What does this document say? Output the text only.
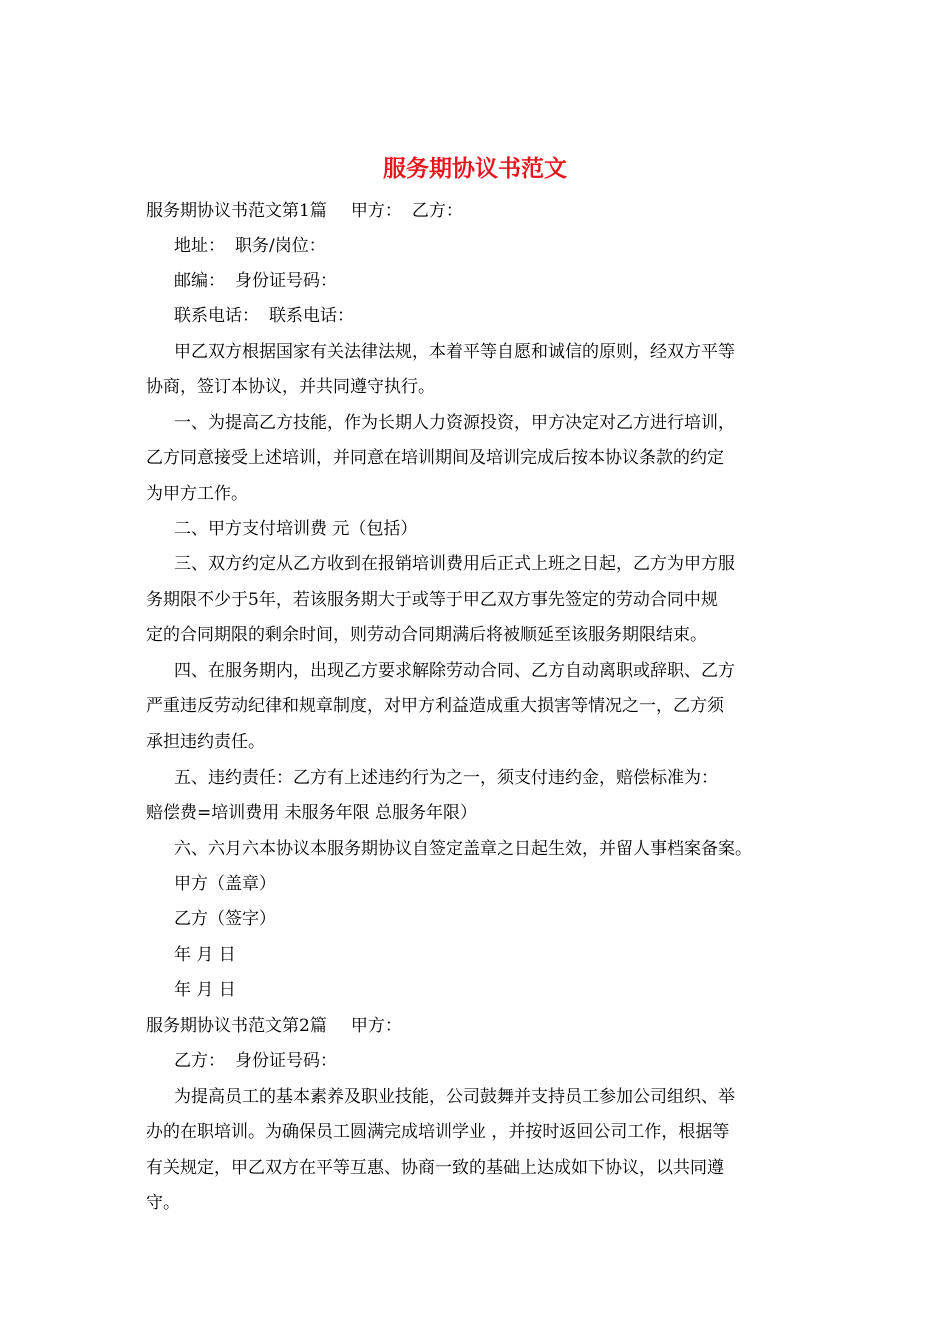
服务期协议书范文
服务期协议书范文第1篇 甲方： 乙方：
地址： 职务/岗位：
邮编： 身份证号码：
联系电话： 联系电话：
甲乙双方根据国家有关法律法规，本着平等自愿和诚信的原则，经双方平等
协商，签订本协议，并共同遵守执行。
一、为提高乙方技能，作为长期人力资源投资，甲方决定对乙方进行培训，
乙方同意接受上述培训，并同意在培训期间及培训完成后按本协议条款的约定
为甲方工作。
二、甲方支付培训费 元（包括）
三、双方约定从乙方收到在报销培训费用后正式上班之日起，乙方为甲方服
务期限不少于5年，若该服务期大于或等于甲乙双方事先签定的劳动合同中规
定的合同期限的剩余时间，则劳动合同期满后将被顺延至该服务期限结束。
四、在服务期内，出现乙方要求解除劳动合同、乙方自动离职或辞职、乙方
严重违反劳动纪律和规章制度，对甲方利益造成重大损害等情况之一，乙方须
承担违约责任。
五、违约责任：乙方有上述违约行为之一，须支付违约金，赔偿标准为：
赔偿费=培训费用 未服务年限 总服务年限）
六、六月六本协议本服务期协议自签定盖章之日起生效，并留人事档案备案。
甲方（盖章）
乙方（签字）
年 月 日
年 月 日
服务期协议书范文第2篇 甲方：
乙方： 身份证号码：
为提高员工的基本素养及职业技能，公司鼓舞并支持员工参加公司组织、举
办的在职培训。为确保员工圆满完成培训学业 ，并按时返回公司工作，根据等
有关规定，甲乙双方在平等互惠、协商一致的基础上达成如下协议，以共同遵
守。
